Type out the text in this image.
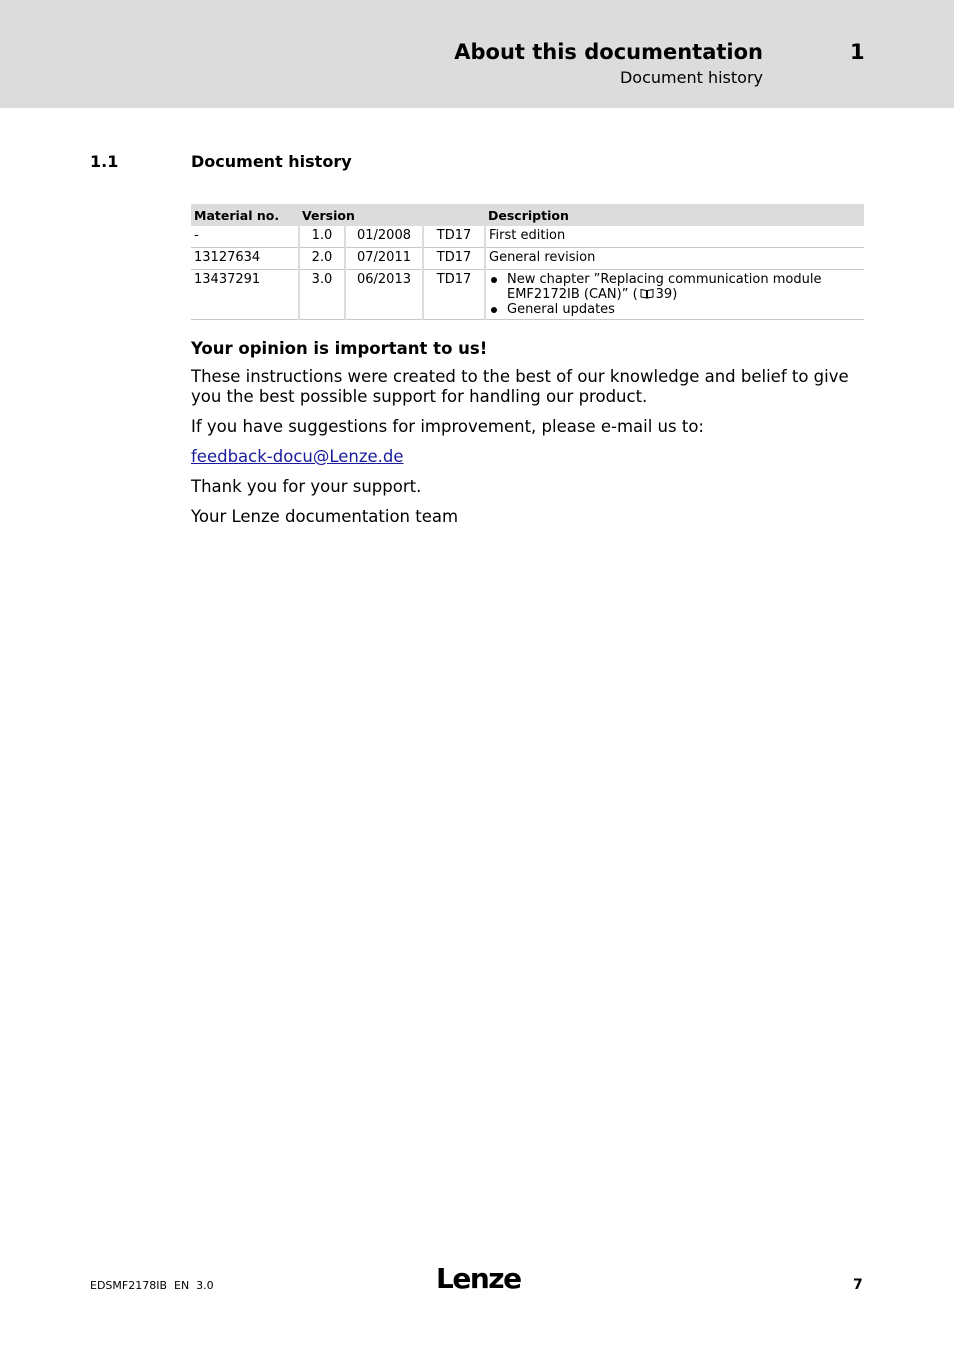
About this documentation	1
Document history
1.1	Document history
Material no.	Version			Description
-	1.0	01/2008	TD17	First edition
13127634	2.0	07/2011	TD17	General revision
13437291	3.0	06/2013	TD17	New chapter ”Replacing communication module EMF2172IB (CAN)” ( 39)

General updates

Your opinion is important to us!
These instructions were created to the best of our knowledge and belief to give you the best possible support for handling our product.
If you have suggestions for improvement, please e-mail us to:
feedback-docu@Lenze.de
Thank you for your support.
Your Lenze documentation team
EDSMF2178IB  EN  3.0	Lenze	7
